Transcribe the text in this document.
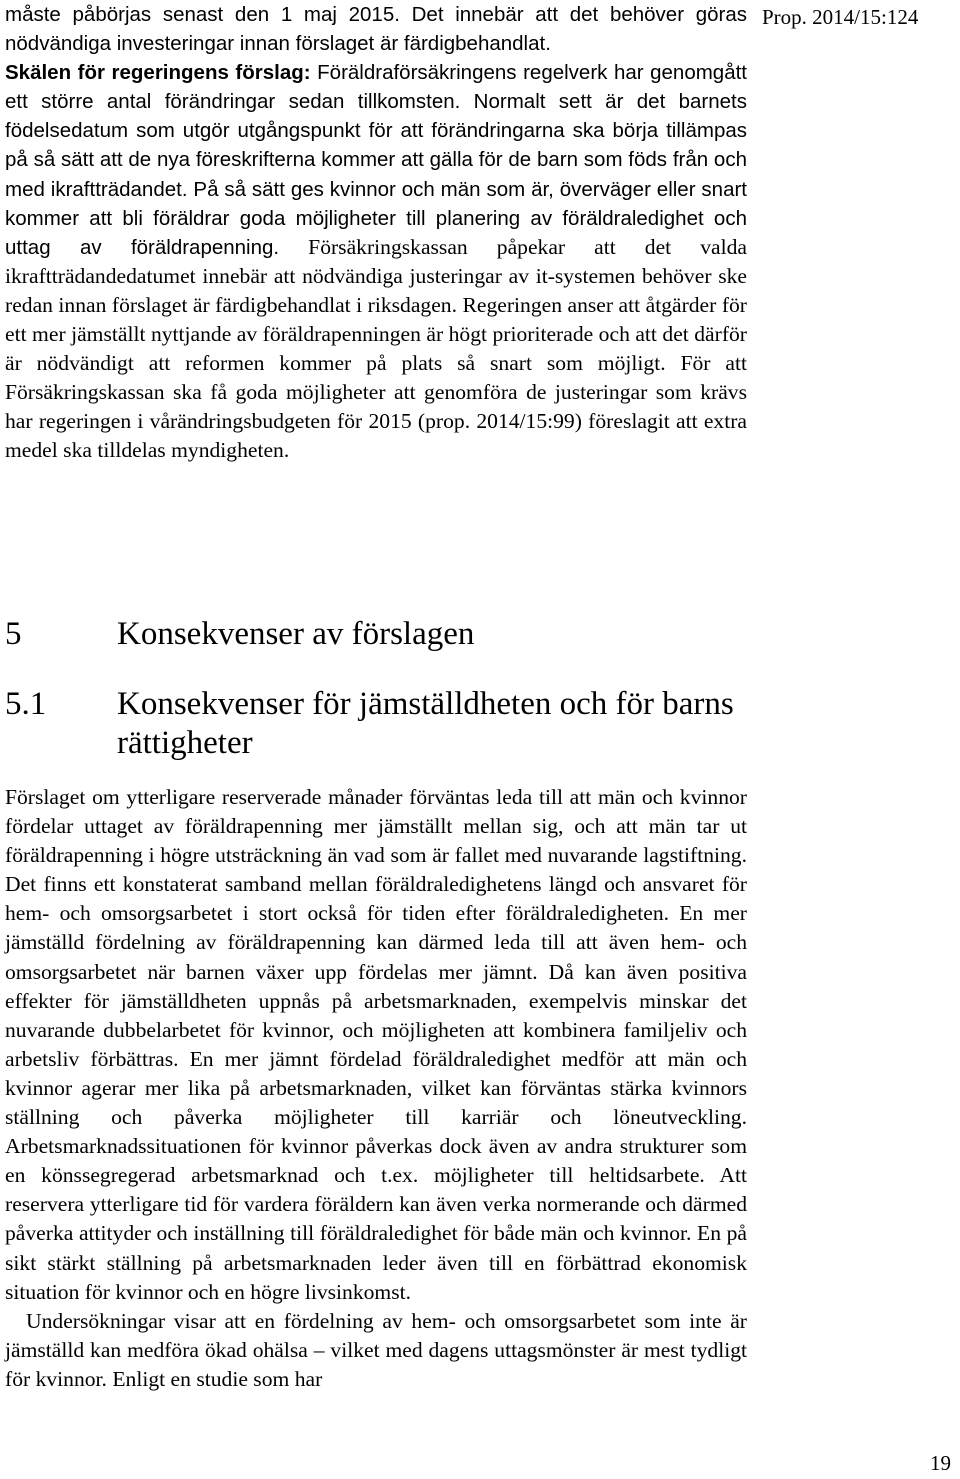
Prop. 2014/15:124

måste påbörjas senast den 1 maj 2015. Det innebär att det behöver göras nödvändiga investeringar innan förslaget är färdigbehandlat.

Skälen för regeringens förslag: Föräldraförsäkringens regelverk har genomgått ett större antal förändringar sedan tillkomsten. Normalt sett är det barnets födelsedatum som utgör utgångspunkt för att förändringarna ska börja tillämpas på så sätt att de nya föreskrifterna kommer att gälla för de barn som föds från och med ikraftträdandet. På så sätt ges kvinnor och män som är, överväger eller snart kommer att bli föräldrar goda möjligheter till planering av föräldraledighet och uttag av föräldrapenning. Försäkringskassan påpekar att det valda ikraftträdandedatumet innebär att nödvändiga justeringar av it-systemen behöver ske redan innan förslaget är färdigbehandlat i riksdagen. Regeringen anser att åtgärder för ett mer jämställt nyttjande av föräldrapenningen är högt prioriterade och att det därför är nödvändigt att reformen kommer på plats så snart som möjligt. För att Försäkringskassan ska få goda möjligheter att genomföra de justeringar som krävs har regeringen i vårändringsbudgeten för 2015 (prop. 2014/15:99) föreslagit att extra medel ska tilldelas myndigheten.

5	Konsekvenser av förslagen
5.1 Konsekvenser för jämställdheten och för barns
rättigheter

Förslaget om ytterligare reserverade månader förväntas leda till att män och kvinnor fördelar uttaget av föräldrapenning mer jämställt mellan sig, och att män tar ut föräldrapenning i högre utsträckning än vad som är fallet med nuvarande lagstiftning. Det finns ett konstaterat samband mellan föräldraledighetens längd och ansvaret för hem- och omsorgsarbetet i stort också för tiden efter föräldraledigheten. En mer jämställd fördelning av föräldrapenning kan därmed leda till att även hem- och omsorgsarbetet när barnen växer upp fördelas mer jämnt. Då kan även positiva effekter för jämställdheten uppnås på arbetsmarknaden, exempelvis minskar det nuvarande dubbelarbetet för kvinnor, och möjligheten att kombinera familjeliv och arbetsliv förbättras. En mer jämnt fördelad föräldraledighet medför att män och kvinnor agerar mer lika på arbetsmarknaden, vilket kan förväntas stärka kvinnors ställning och påverka möjligheter till karriär och löneutveckling. Arbetsmarknadssituationen för kvinnor påverkas dock även av andra strukturer som en könssegregerad arbetsmarknad och t.ex. möjligheter till heltidsarbete. Att reservera ytterligare tid för vardera föräldern kan även verka normerande och därmed påverka attityder och inställning till föräldraledighet för både män och kvinnor. En på sikt stärkt ställning på arbetsmarknaden leder även till en förbättrad ekonomisk situation för kvinnor och en högre livsinkomst.

Undersökningar visar att en fördelning av hem- och omsorgsarbetet som inte är jämställd kan medföra ökad ohälsa – vilket med dagens uttagsmönster är mest tydligt för kvinnor. Enligt en studie som har

19
